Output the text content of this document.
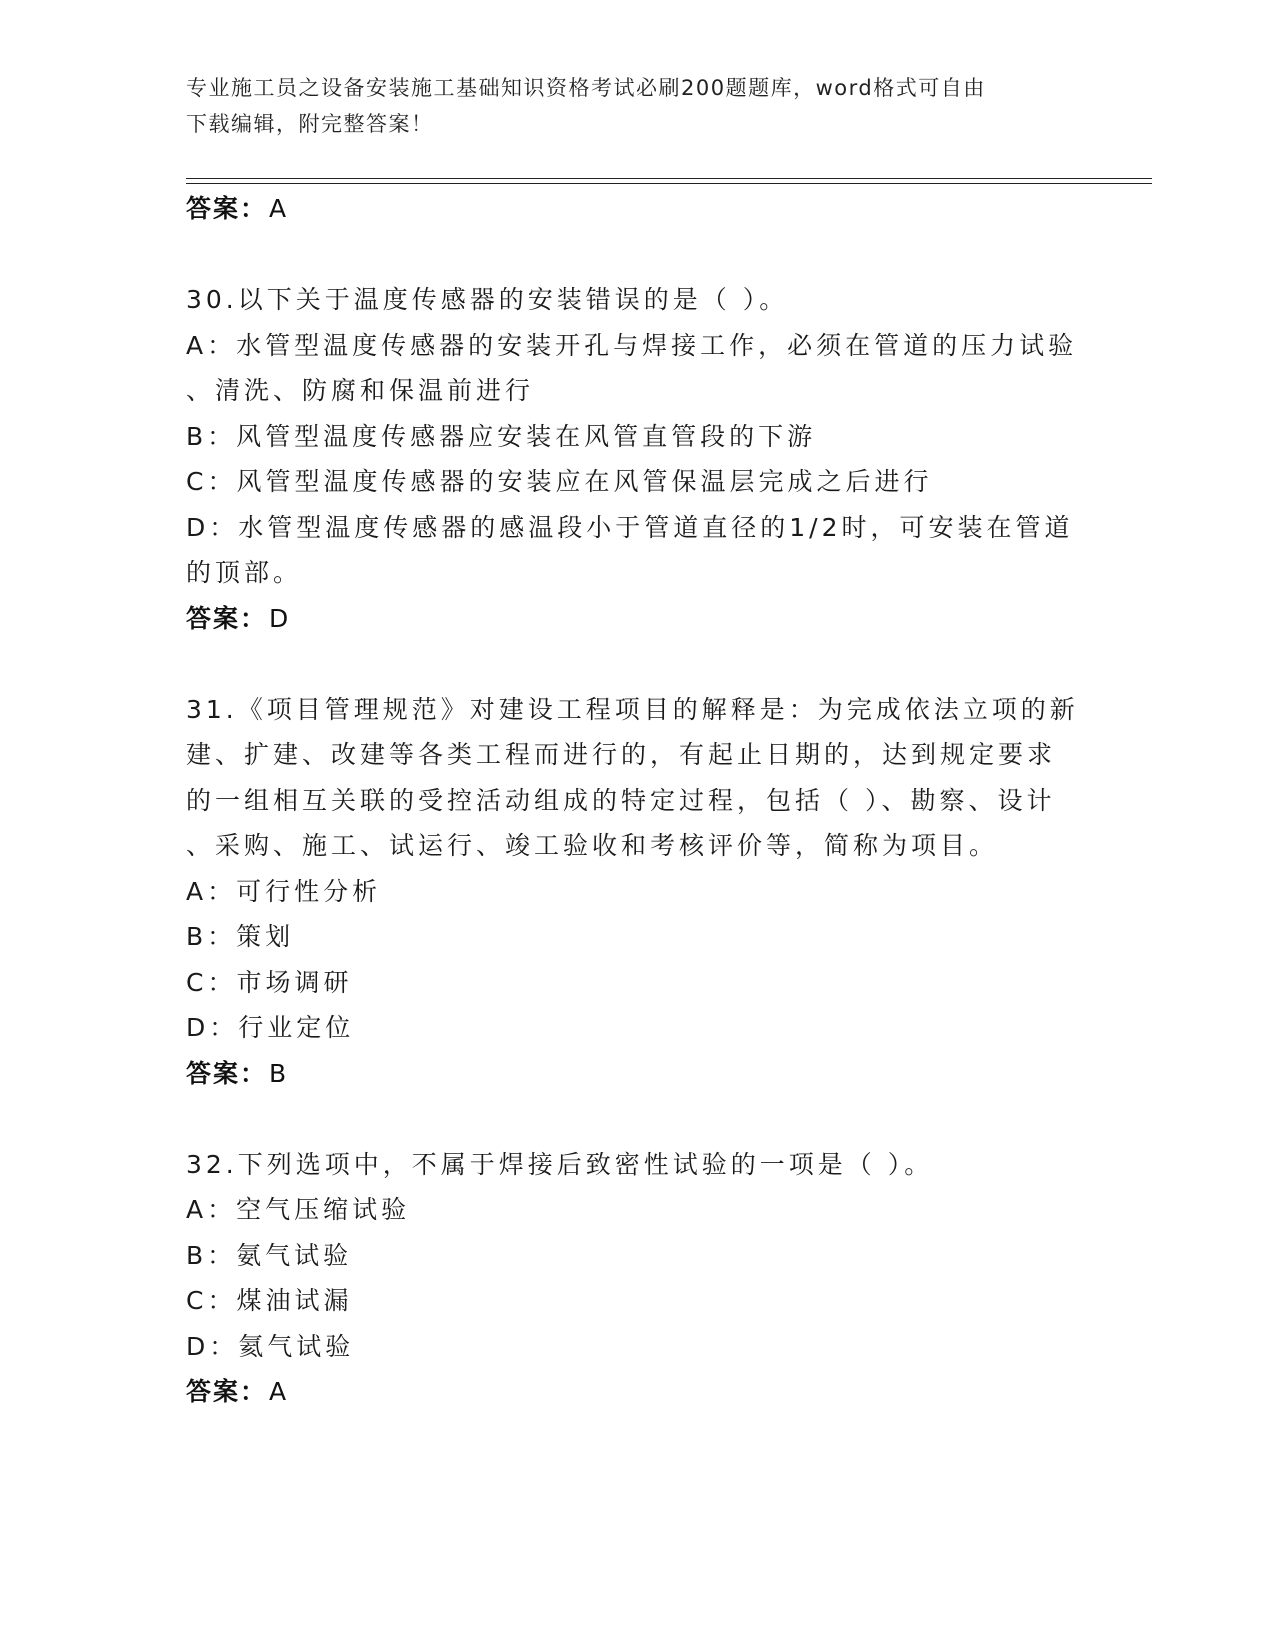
专业施工员之设备安装施工基础知识资格考试必刷200题题库，word格式可自由
下载编辑，附完整答案！
答案：A
30.以下关于温度传感器的安装错误的是（ ）。
A：水管型温度传感器的安装开孔与焊接工作，必须在管道的压力试验
、清洗、防腐和保温前进行
B：风管型温度传感器应安装在风管直管段的下游
C：风管型温度传感器的安装应在风管保温层完成之后进行
D：水管型温度传感器的感温段小于管道直径的1/2时，可安装在管道
的顶部。
答案：D
31.《项目管理规范》对建设工程项目的解释是：为完成依法立项的新
建、扩建、改建等各类工程而进行的，有起止日期的，达到规定要求
的一组相互关联的受控活动组成的特定过程，包括（ ）、勘察、设计
、采购、施工、试运行、竣工验收和考核评价等，简称为项目。
A：可行性分析
B：策划
C：市场调研
D：行业定位
答案：B
32.下列选项中，不属于焊接后致密性试验的一项是（ ）。
A：空气压缩试验
B：氨气试验
C：煤油试漏
D：氦气试验
答案：A
